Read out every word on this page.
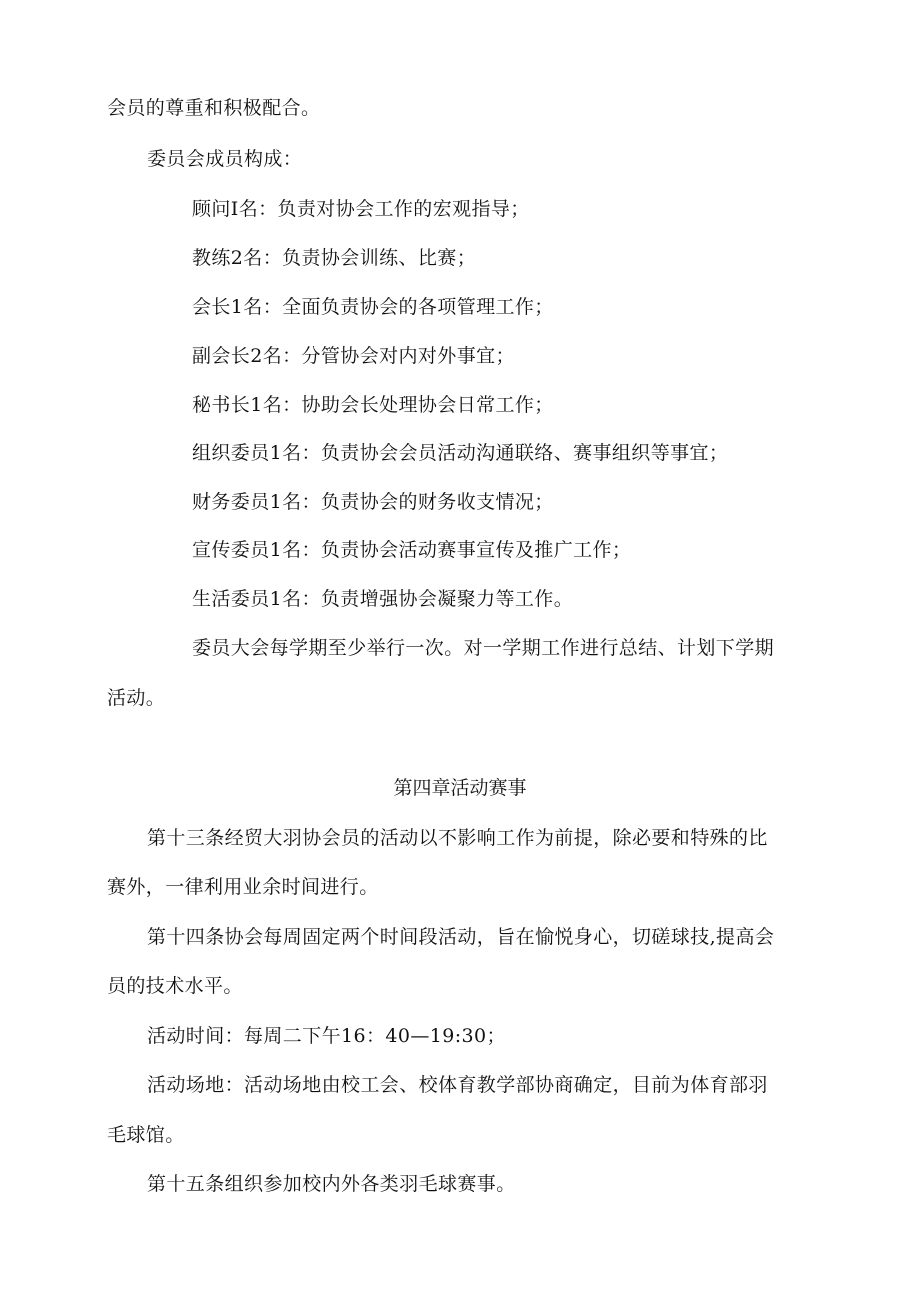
会员的尊重和积极配合。
委员会成员构成：
顾问Ⅰ名：负责对协会工作的宏观指导；
教练2名：负责协会训练、比赛；
会长1名：全面负责协会的各项管理工作；
副会长2名：分管协会对内对外事宜；
秘书长1名：协助会长处理协会日常工作；
组织委员1名：负责协会会员活动沟通联络、赛事组织等事宜；
财务委员1名：负责协会的财务收支情况；
宣传委员1名：负责协会活动赛事宣传及推广工作；
生活委员1名：负责增强协会凝聚力等工作。
委员大会每学期至少举行一次。对一学期工作进行总结、计划下学期
活动。
第四章活动赛事
第十三条经贸大羽协会员的活动以不影响工作为前提，除必要和特殊的比
赛外，一律利用业余时间进行。
第十四条协会每周固定两个时间段活动，旨在愉悦身心，切磋球技,提高会
员的技术水平。
活动时间：每周二下午16：40—19:30；
活动场地：活动场地由校工会、校体育教学部协商确定，目前为体育部羽
毛球馆。
第十五条组织参加校内外各类羽毛球赛事。
